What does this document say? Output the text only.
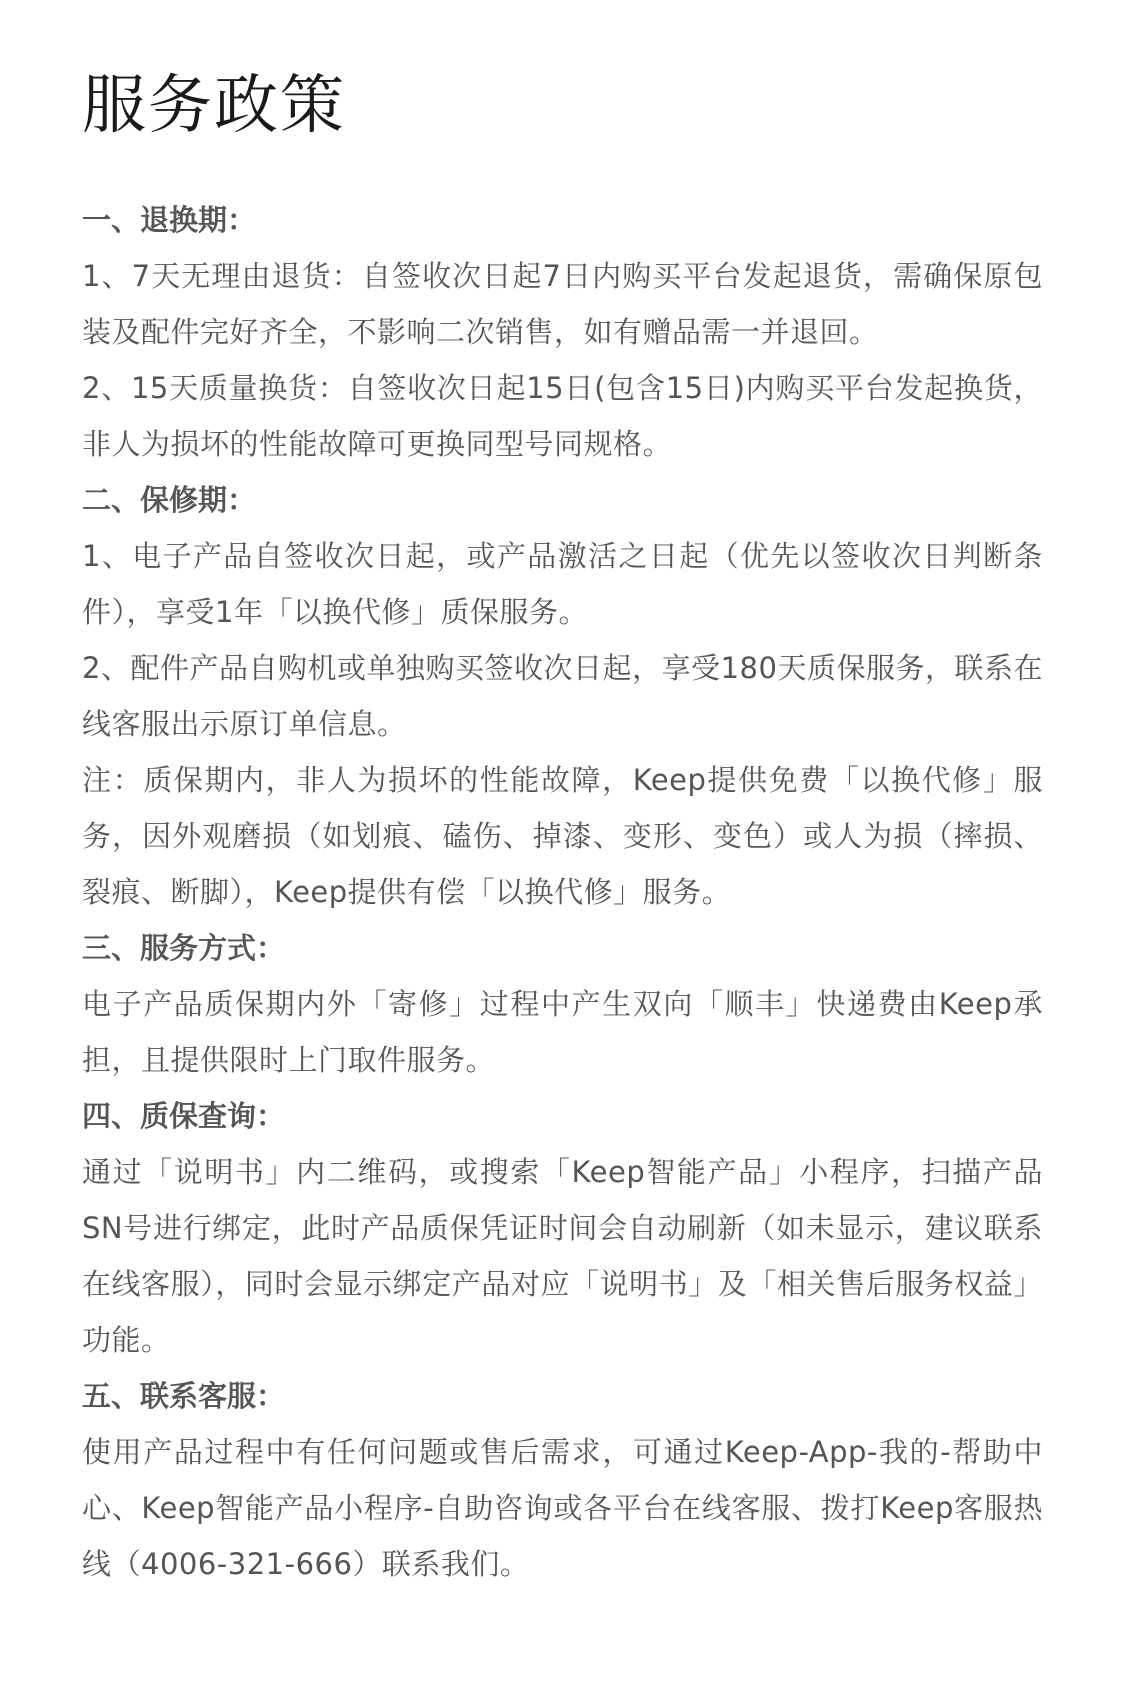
服务政策

一、退换期：

1、7天无理由退货：自签收次日起7日内购买平台发起退货，需确保原包装及配件完好齐全，不影响二次销售，如有赠品需一并退回。

2、15天质量换货：自签收次日起15日(包含15日)内购买平台发起换货，非人为损坏的性能故障可更换同型号同规格。

二、保修期：

1、电子产品自签收次日起，或产品激活之日起（优先以签收次日判断条件），享受1年「以换代修」质保服务。

2、配件产品自购机或单独购买签收次日起，享受180天质保服务，联系在线客服出示原订单信息。

注：质保期内，非人为损坏的性能故障，Keep提供免费「以换代修」服务，因外观磨损（如划痕、磕伤、掉漆、变形、变色）或人为损（摔损、裂痕、断脚），Keep提供有偿「以换代修」服务。

三、服务方式：

电子产品质保期内外「寄修」过程中产生双向「顺丰」快递费由Keep承担，且提供限时上门取件服务。

四、质保查询：

通过「说明书」内二维码，或搜索「Keep智能产品」小程序，扫描产品SN号进行绑定，此时产品质保凭证时间会自动刷新（如未显示，建议联系在线客服），同时会显示绑定产品对应「说明书」及「相关售后服务权益」功能。

五、联系客服：

使用产品过程中有任何问题或售后需求，可通过Keep-App-我的-帮助中心、Keep智能产品小程序-自助咨询或各平台在线客服、拨打Keep客服热线（4006-321-666）联系我们。
